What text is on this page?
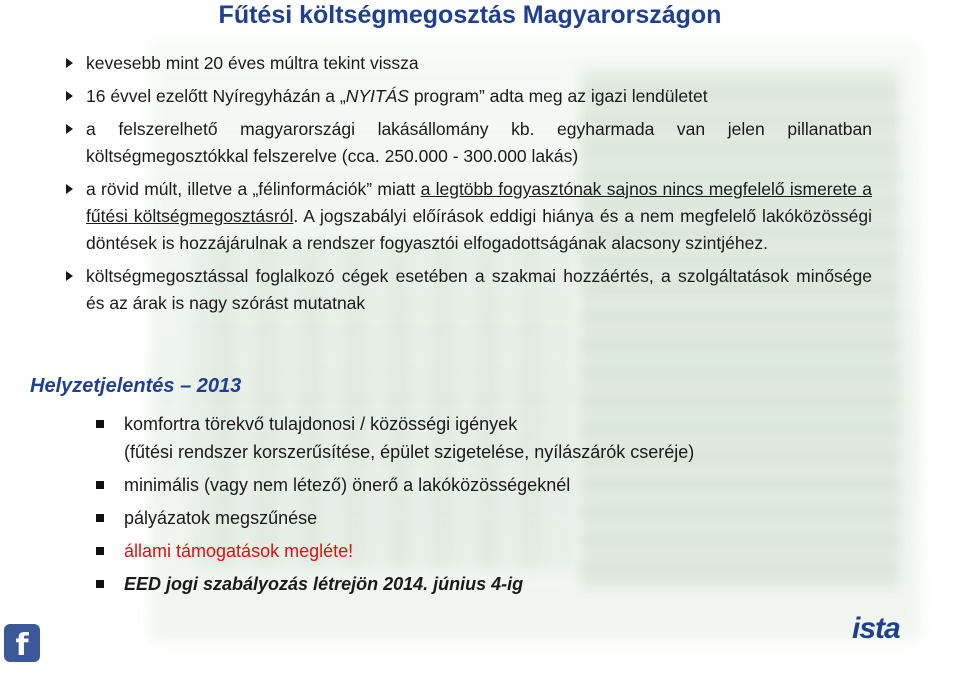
Fűtési költségmegosztás Magyarországon
kevesebb mint 20 éves múltra tekint vissza
16 évvel ezelőtt Nyíregyházán a „NYITÁS program” adta meg az igazi lendületet
a felszerelhető magyarországi lakásállomány kb. egyharmada van jelen pillanatban költségmegosztókkal felszerelve (cca. 250.000 - 300.000 lakás)
a rövid múlt, illetve a „félinformációk” miatt a legtöbb fogyasztónak sajnos nincs megfelelő ismerete a fűtési költségmegosztásról. A jogszabályi előírások eddigi hiánya és a nem megfelelő lakóközösségi döntések is hozzájárulnak a rendszer fogyasztói elfogadottságának alacsony szintjéhez.
költségmegosztással foglalkozó cégek esetében a szakmai hozzáértés, a szolgáltatások minősége és az árak is nagy szórást mutatnak
Helyzetjelentés – 2013
komfortra törekvő tulajdonosi / közösségi igények
(fűtési rendszer korszerűsítése, épület szigetelése, nyílászárók cseréje)
minimális (vagy nem létező) önerő a lakóközösségeknél
pályázatok megszűnése
állami támogatások megléte!
EED jogi szabályozás létrejön 2014. június 4-ig
f	ista
